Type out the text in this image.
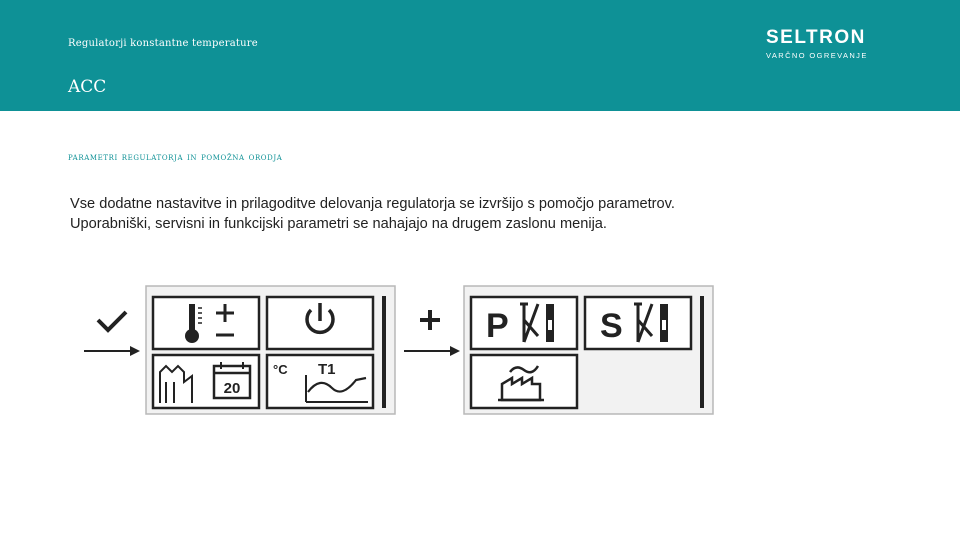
Regulatorji konstantne temperature
ACC
SELTRON
VARČNO OGREVANJE
parametri regulatorja in pomožna orodja
Vse dodatne nastavitve in prilagoditve delovanja regulatorja se izvršijo s pomočjo parametrov. Uporabniški, servisni in funkcijski parametri se nahajajo na drugem zaslonu menija.
20
°C T1
P	S
